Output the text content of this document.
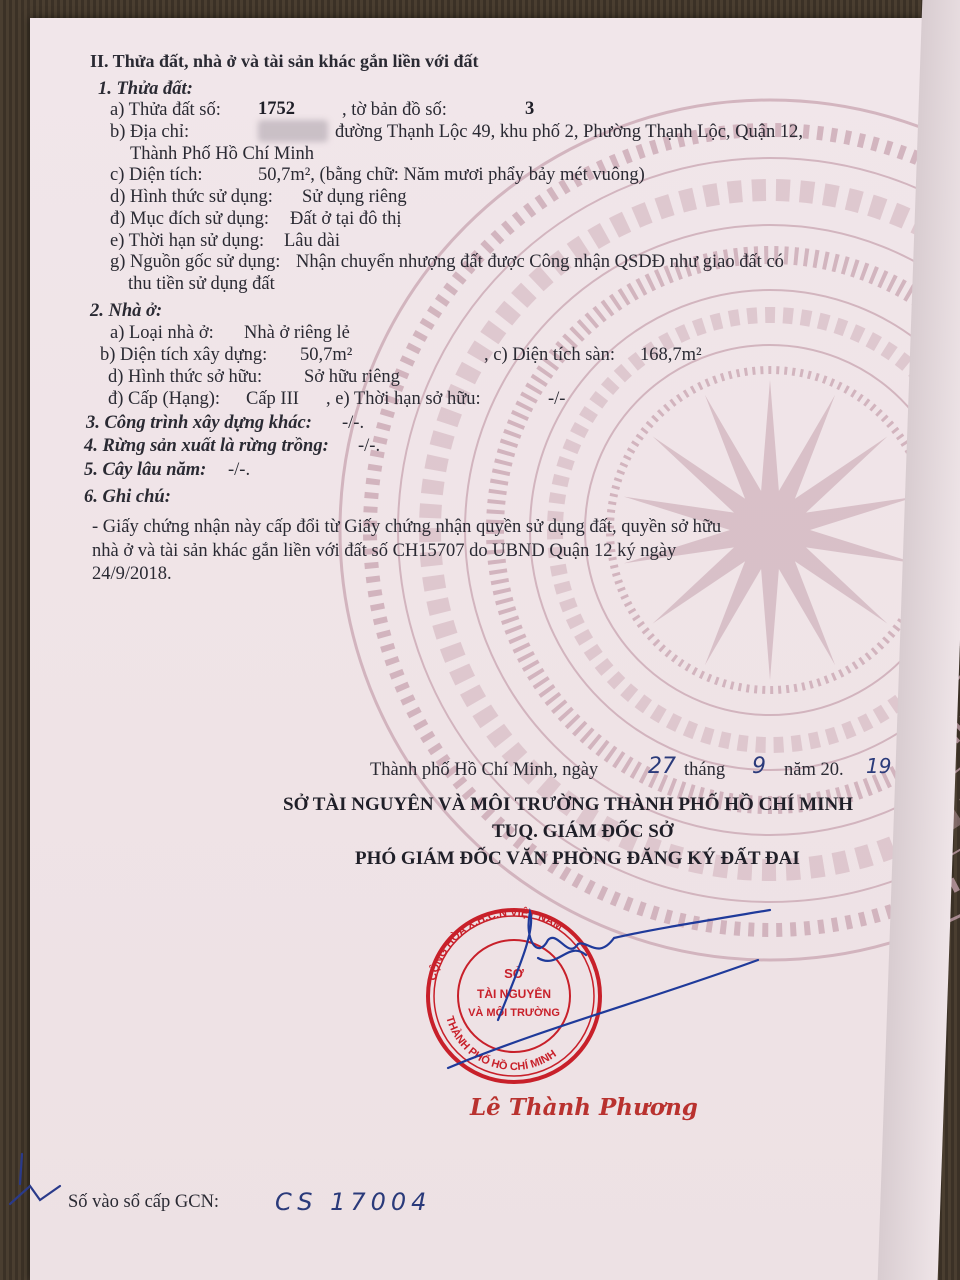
II. Thửa đất, nhà ở và tài sản khác gắn liền với đất
1. Thửa đất:
a) Thửa đất số: 1752	, tờ bản đồ số:	3
b) Địa chỉ:	đường Thạnh Lộc 49, khu phố 2, Phường Thạnh Lộc, Quận 12,
Thành Phố Hồ Chí Minh
c) Diện tích:	50,7m², (bằng chữ: Năm mươi phẩy bảy mét vuông)
d) Hình thức sử dụng: Sử dụng riêng
đ) Mục đích sử dụng: Đất ở tại đô thị
e) Thời hạn sử dụng: Lâu dài
g) Nguồn gốc sử dụng: Nhận chuyển nhượng đất được Công nhận QSDĐ như giao đất có
thu tiền sử dụng đất
2. Nhà ở:
a) Loại nhà ở: Nhà ở riêng lẻ
b) Diện tích xây dựng: 50,7m²	, c) Diện tích sàn: 168,7m²
d) Hình thức sở hữu: Sở hữu riêng
đ) Cấp (Hạng): Cấp III , e) Thời hạn sở hữu:	-/-
3. Công trình xây dựng khác: -/-.
4. Rừng sản xuất là rừng trồng: -/-.
5. Cây lâu năm: -/-.
6. Ghi chú:
- Giấy chứng nhận này cấp đổi từ Giấy chứng nhận quyền sử dụng đất, quyền sở hữu
nhà ở và tài sản khác gắn liền với đất số CH15707 do UBND Quận 12 ký ngày
24/9/2018.
Thành phố Hồ Chí Minh, ngày 27 tháng 9 năm 20. 19
SỞ TÀI NGUYÊN VÀ MÔI TRƯỜNG THÀNH PHỐ HỒ CHÍ MINH
TUQ. GIÁM ĐỐC SỞ
PHÓ GIÁM ĐỐC VĂN PHÒNG ĐĂNG KÝ ĐẤT ĐAI
CỘNG HÒA X.H.C.N VIỆT NAM
THÀNH PHỐ HỒ CHÍ MINH
SỞ
TÀI NGUYÊN
VÀ MÔI TRƯỜNG
Lê Thành Phương
Số vào sổ cấp GCN: CS 17004
